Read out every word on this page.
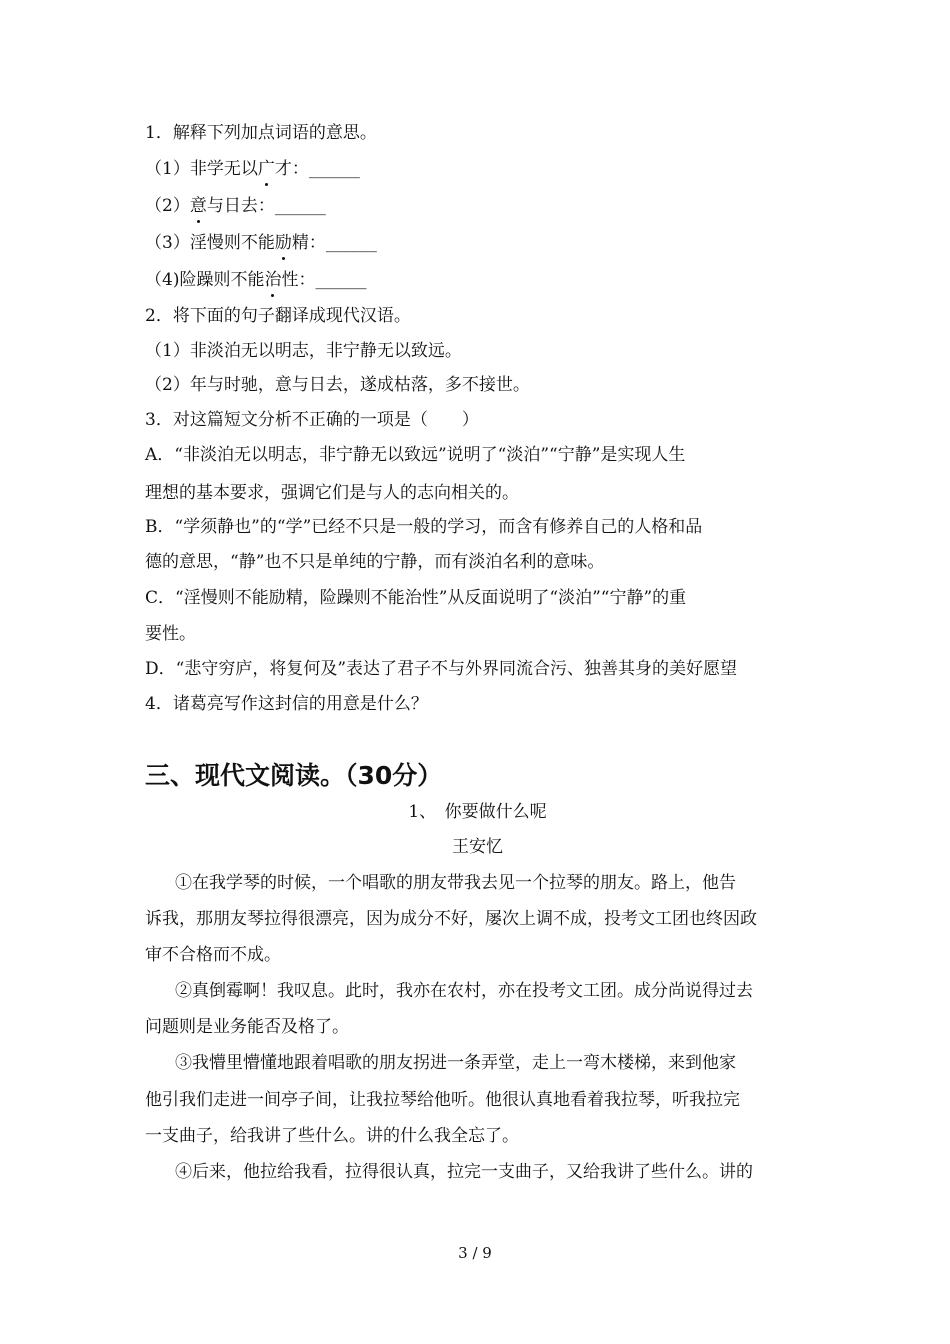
1．解释下列加点词语的意思。
（1）非学无以广才：______
（2）意与日去：______
（3）淫慢则不能励精：______
（4)险躁则不能治性：______
2．将下面的句子翻译成现代汉语。
（1）非淡泊无以明志，非宁静无以致远。
（2）年与时驰，意与日去，遂成枯落，多不接世。
3．对这篇短文分析不正确的一项是（　　）
A．“非淡泊无以明志，非宁静无以致远”说明了“淡泊”“宁静”是实现人生
理想的基本要求，强调它们是与人的志向相关的。
B．“学须静也”的“学”已经不只是一般的学习，而含有修养自己的人格和品
德的意思，“静”也不只是单纯的宁静，而有淡泊名利的意味。
C．“淫慢则不能励精，险躁则不能治性”从反面说明了“淡泊”“宁静”的重
要性。
D．“悲守穷庐，将复何及”表达了君子不与外界同流合污、独善其身的美好愿望
4．诸葛亮写作这封信的用意是什么？
三、现代文阅读。（30分）
1、　你要做什么呢
王安忆
①在我学琴的时候，一个唱歌的朋友带我去见一个拉琴的朋友。路上，他告
诉我，那朋友琴拉得很漂亮，因为成分不好，屡次上调不成，投考文工团也终因政
审不合格而不成。
②真倒霉啊！我叹息。此时，我亦在农村，亦在投考文工团。成分尚说得过去
问题则是业务能否及格了。
③我懵里懵懂地跟着唱歌的朋友拐进一条弄堂，走上一弯木楼梯，来到他家
他引我们走进一间亭子间，让我拉琴给他听。他很认真地看着我拉琴，听我拉完
一支曲子，给我讲了些什么。讲的什么我全忘了。
④后来，他拉给我看，拉得很认真，拉完一支曲子，又给我讲了些什么。讲的
3 / 9
